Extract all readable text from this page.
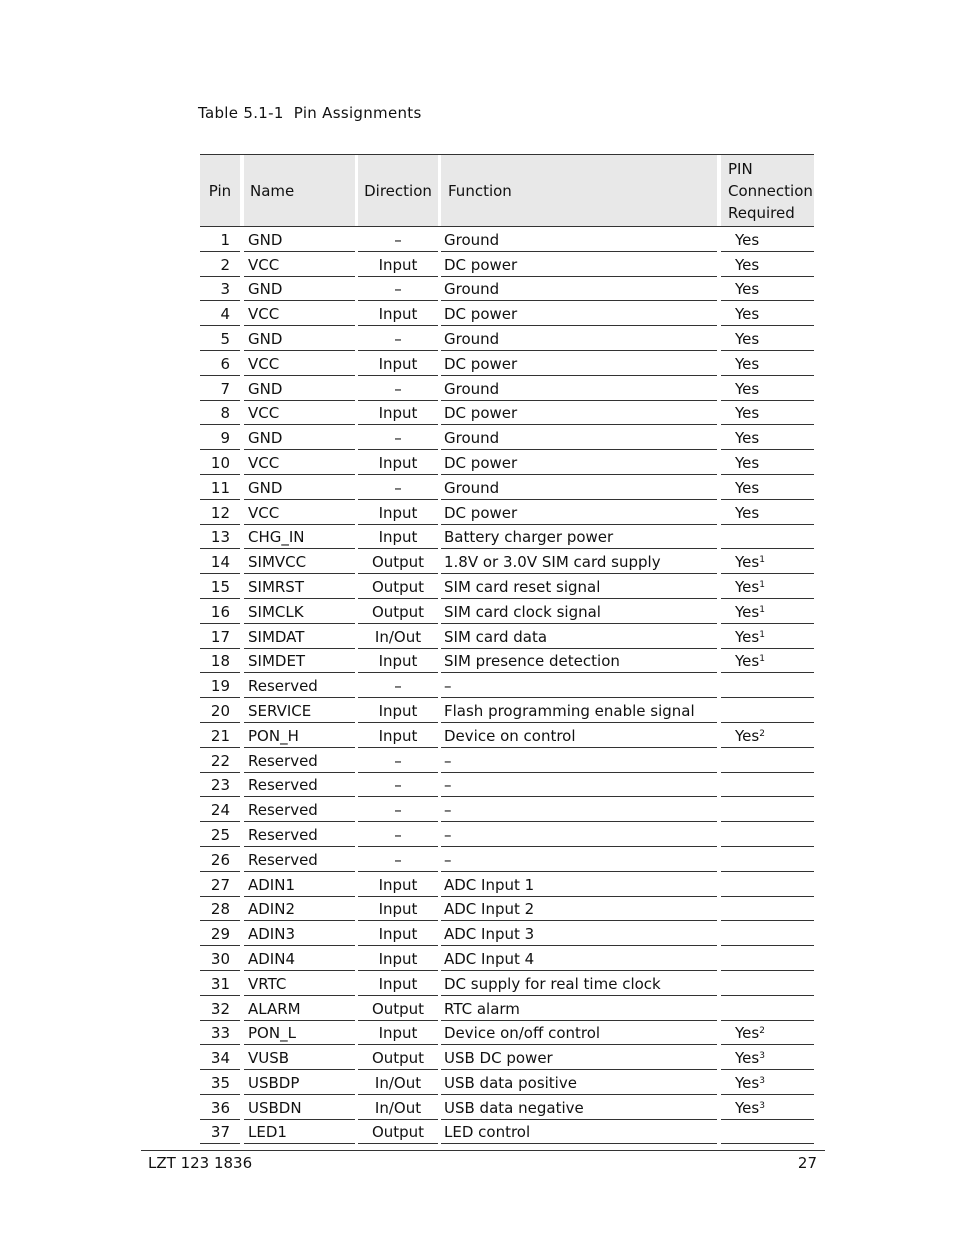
Table 5.1-1  Pin Assignments
Pin		Name		Direction		Function		PIN
Connection
Required

1		GND		–		Ground		Yes
2		VCC		Input		DC power		Yes
3		GND		–		Ground		Yes
4		VCC		Input		DC power		Yes
5		GND		–		Ground		Yes
6		VCC		Input		DC power		Yes
7		GND		–		Ground		Yes
8		VCC		Input		DC power		Yes
9		GND		–		Ground		Yes
10		VCC		Input		DC power		Yes
11		GND		–		Ground		Yes
12		VCC		Input		DC power		Yes
13		CHG_IN		Input		Battery charger power		
14		SIMVCC		Output		1.8V or 3.0V SIM card supply		Yes$^1$
15		SIMRST		Output		SIM card reset signal		Yes$^1$
16		SIMCLK		Output		SIM card clock signal		Yes$^1$
17		SIMDAT		In/Out		SIM card data		Yes$^1$
18		SIMDET		Input		SIM presence detection		Yes$^1$
19		Reserved		–		–		
20		SERVICE		Input		Flash programming enable signal		
21		PON_H		Input		Device on control		Yes$^2$
22		Reserved		–		–		
23		Reserved		–		–		
24		Reserved		–		–		
25		Reserved		–		–		
26		Reserved		–		–		
27		ADIN1		Input		ADC Input 1		
28		ADIN2		Input		ADC Input 2		
29		ADIN3		Input		ADC Input 3		
30		ADIN4		Input		ADC Input 4		
31		VRTC		Input		DC supply for real time clock		
32		ALARM		Output		RTC alarm		
33		PON_L		Input		Device on/off control		Yes$^2$
34		VUSB		Output		USB DC power		Yes$^3$
35		USBDP		In/Out		USB data positive		Yes$^3$
36		USBDN		In/Out		USB data negative		Yes$^3$
37		LED1		Output		LED control		
LZT 123 1836	27
